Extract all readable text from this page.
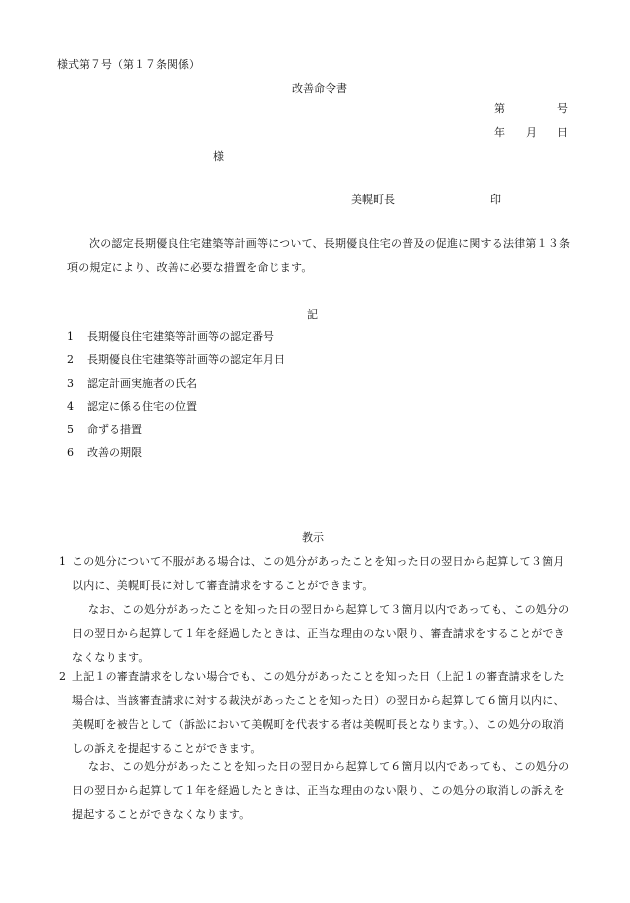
様式第７号（第１７条関係）
改善命令書
第	号
年 月 日
様
美幌町長	印
次の認定長期優良住宅建築等計画等について、長期優良住宅の普及の促進に関する法律第１３条　　項の規定により、改善に必要な措置を命じます。
記
1 長期優良住宅建築等計画等の認定番号
2 長期優良住宅建築等計画等の認定年月日
3 認定計画実施者の氏名
4 認定に係る住宅の位置
5 命ずる措置
6 改善の期限
教示
1 この処分について不服がある場合は、この処分があったことを知った日の翌日から起算して３箇月以内に、美幌町長に対して審査請求をすることができます。
なお、この処分があったことを知った日の翌日から起算して３箇月以内であっても、この処分の日の翌日から起算して１年を経過したときは、正当な理由のない限り、審査請求をすることができなくなります。
2 上記１の審査請求をしない場合でも、この処分があったことを知った日（上記１の審査請求をした場合は、当該審査請求に対する裁決があったことを知った日）の翌日から起算して６箇月以内に、美幌町を被告として（訴訟において美幌町を代表する者は美幌町長となります。）、この処分の取消しの訴えを提起することができます。
なお、この処分があったことを知った日の翌日から起算して６箇月以内であっても、この処分の日の翌日から起算して１年を経過したときは、正当な理由のない限り、この処分の取消しの訴えを提起することができなくなります。
